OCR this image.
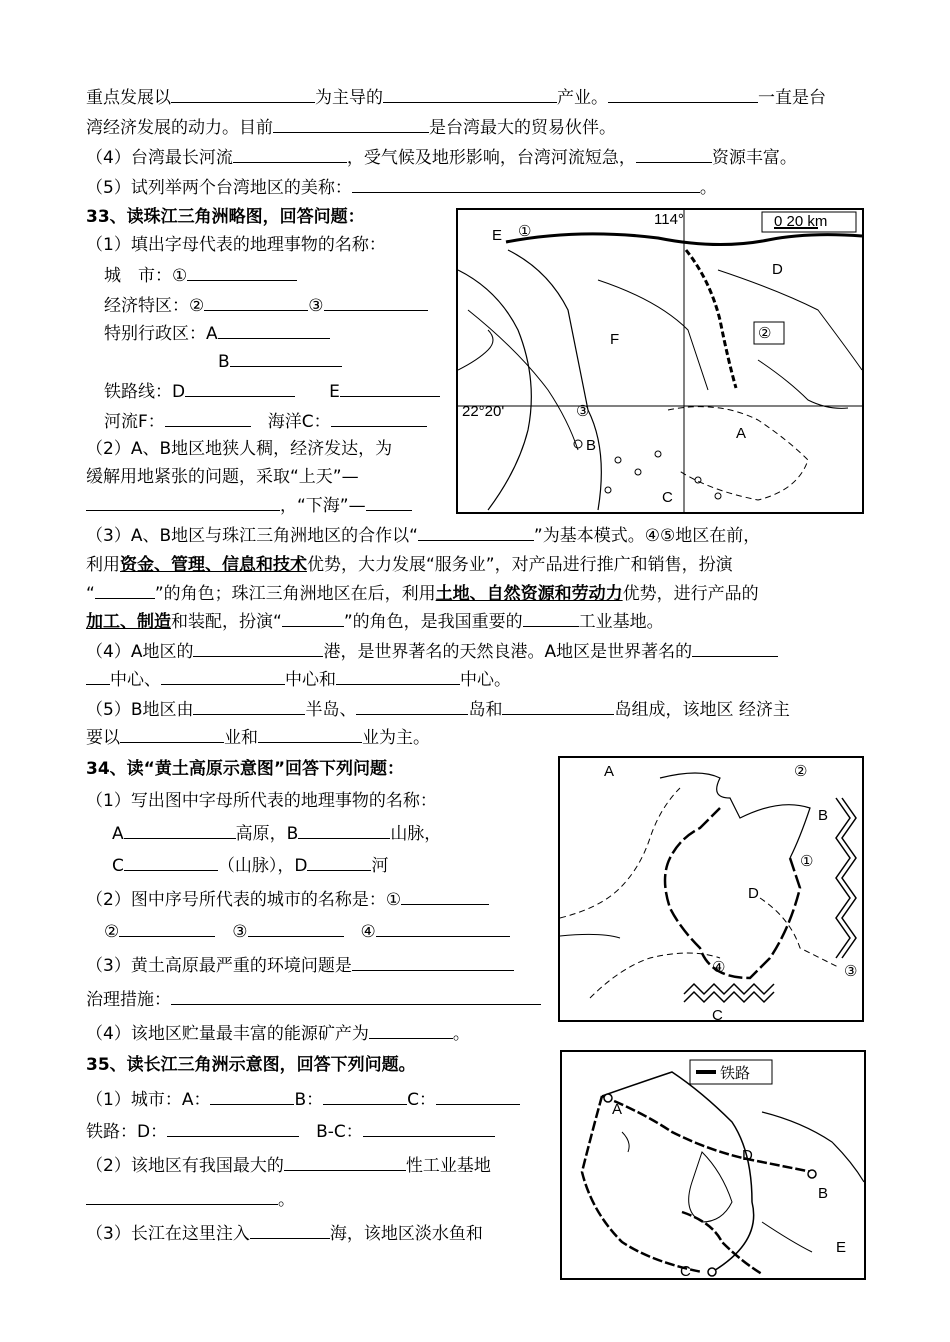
重点发展以	为主导的	产业。	一直是台
湾经济发展的动力。目前	是台湾最大的贸易伙伴。
（4）台湾最长河流	，受气候及地形影响，台湾河流短急，	资源丰富。
（5）试列举两个台湾地区的美称：	。
33、读珠江三角洲略图，回答问题：
（1）填出字母代表的地理事物的名称：
城　市：①
经济特区：②	③
特别行政区：A
B
铁路线：D　　	E
河流F：　	海洋C：
（2）A、B地区地狭人稠，经济发达，为
缓解用地紧张的问题，采取“上天”—
，“下海”—
0 20 km
114°
22°20'
E ①
D
F	②
③
A
B
C
（3）A、B地区与珠江三角洲地区的合作以“	”为基本模式。④⑤地区在前，
利用资金、管理、信息和技术优势，大力发展“服务业”，对产品进行推广和销售，扮演
“	”的角色；珠江三角洲地区在后，利用土地、自然资源和劳动力优势，进行产品的
加工、制造和装配，扮演“	”的角色，是我国重要的	工业基地。
（4）A地区的	港，是世界著名的天然良港。A地区是世界著名的
中心、	中心和	中心。
（5）B地区由	半岛、	岛和	岛组成，该地区 经济主
要以	业和	业为主。
34、读“黄土高原示意图”回答下列问题：
（1）写出图中字母所代表的地理事物的名称：
A	高原，B	山脉，
C	（山脉），D	河
（2）图中序号所代表的城市的名称是：①
②　	③　	④
（3）黄土高原最严重的环境问题是
治理措施：
（4）该地区贮量最丰富的能源矿产为	。
A
B
D
C
②
①
③
④
35、读长江三角洲示意图，回答下列问题。
（1）城市：A：	B：	C：
铁路：D：　	B-C：
（2）该地区有我国最大的	性工业基地
。
（3）长江在这里注入	海，该地区淡水鱼和
铁路
A
D
B
E
C
